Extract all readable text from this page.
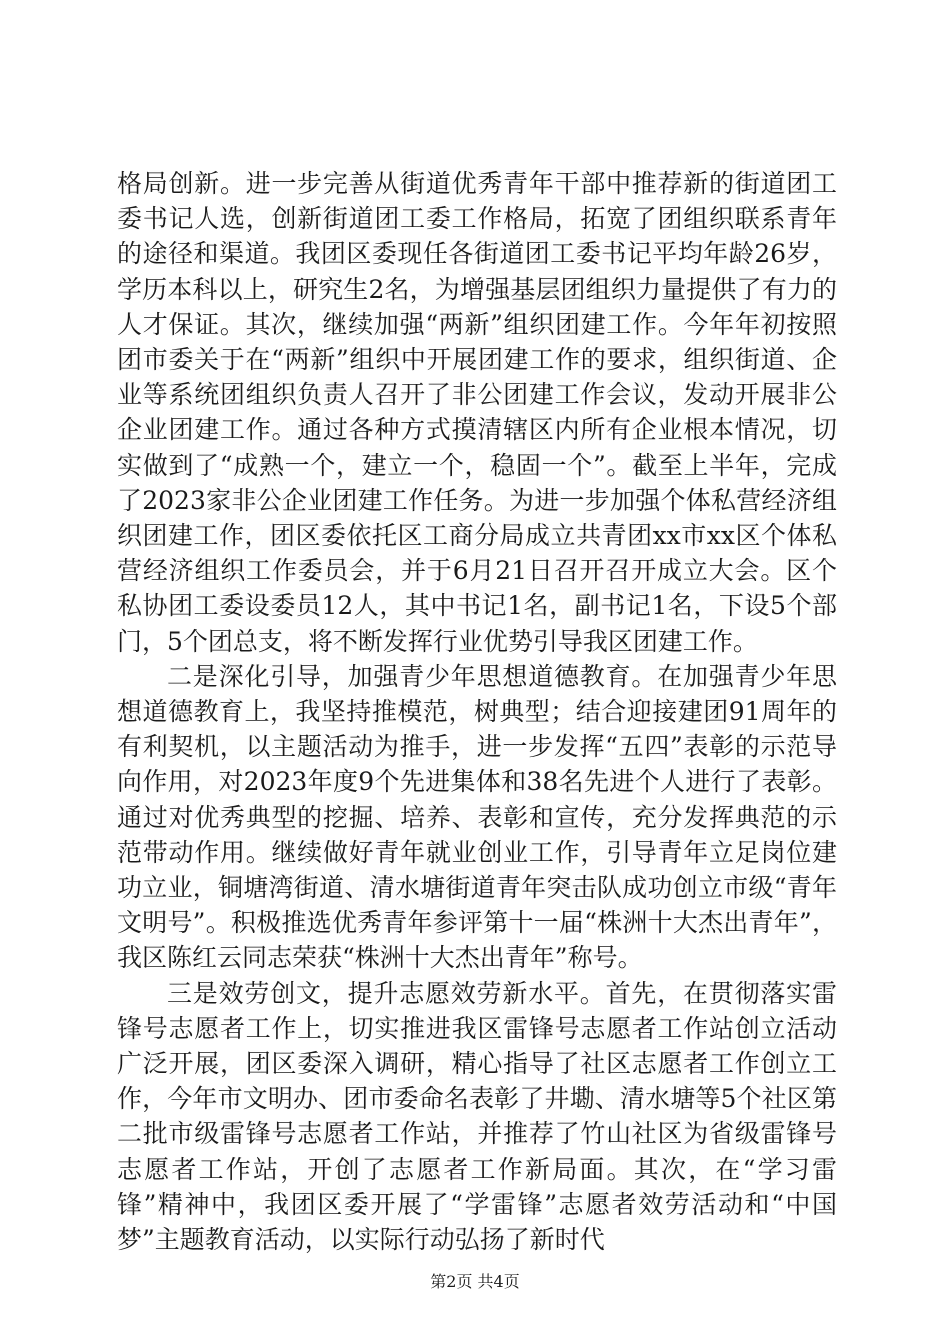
格局创新。进一步完善从街道优秀青年干部中推荐新的街道团工委书记人选，创新街道团工委工作格局，拓宽了团组织联系青年的途径和渠道。我团区委现任各街道团工委书记平均年龄26岁，学历本科以上，研究生2名，为增强基层团组织力量提供了有力的人才保证。其次，继续加强“两新”组织团建工作。今年年初按照团市委关于在“两新”组织中开展团建工作的要求，组织街道、企业等系统团组织负责人召开了非公团建工作会议，发动开展非公企业团建工作。通过各种方式摸清辖区内所有企业根本情况，切实做到了“成熟一个，建立一个，稳固一个”。截至上半年，完成了2023家非公企业团建工作任务。为进一步加强个体私营经济组织团建工作，团区委依托区工商分局成立共青团xx市xx区个体私营经济组织工作委员会，并于6月21日召开召开成立大会。区个私协团工委设委员12人，其中书记1名，副书记1名，下设5个部门，5个团总支，将不断发挥行业优势引导我区团建工作。

二是深化引导，加强青少年思想道德教育。在加强青少年思想道德教育上，我坚持推模范，树典型；结合迎接建团91周年的有利契机，以主题活动为推手，进一步发挥“五四”表彰的示范导向作用，对2023年度9个先进集体和38名先进个人进行了表彰。通过对优秀典型的挖掘、培养、表彰和宣传，充分发挥典范的示范带动作用。继续做好青年就业创业工作，引导青年立足岗位建功立业，铜塘湾街道、清水塘街道青年突击队成功创立市级“青年文明号”。积极推选优秀青年参评第十一届“株洲十大杰出青年”，我区陈红云同志荣获“株洲十大杰出青年”称号。

三是效劳创文，提升志愿效劳新水平。首先，在贯彻落实雷锋号志愿者工作上，切实推进我区雷锋号志愿者工作站创立活动广泛开展，团区委深入调研，精心指导了社区志愿者工作创立工作，今年市文明办、团市委命名表彰了井墈、清水塘等5个社区第二批市级雷锋号志愿者工作站，并推荐了竹山社区为省级雷锋号志愿者工作站，开创了志愿者工作新局面。其次，在“学习雷锋”精神中，我团区委开展了“学雷锋”志愿者效劳活动和“中国梦”主题教育活动，以实际行动弘扬了新时代

第2页 共4页
